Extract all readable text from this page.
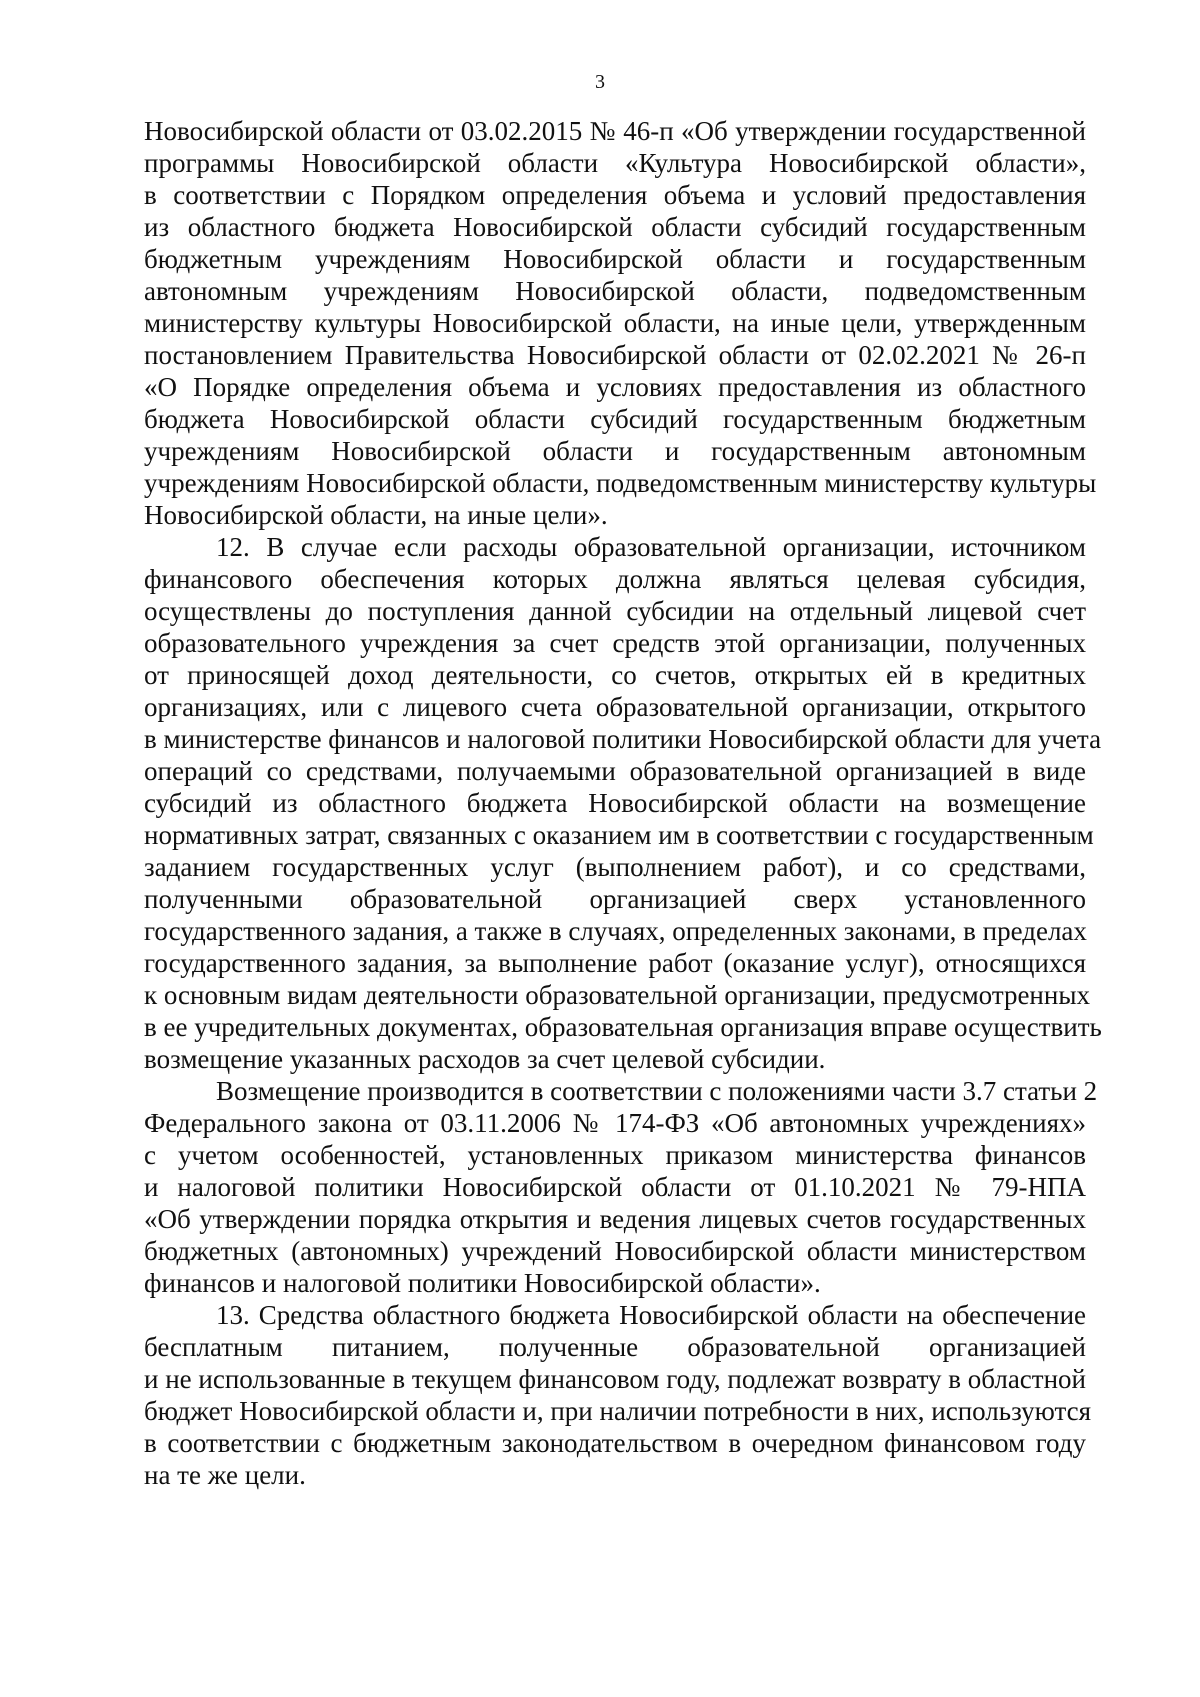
3
Новосибирской области от 03.02.2015 № 46-п «Об утверждении государственной
программы Новосибирской области «Культура Новосибирской области»,
в соответствии с Порядком определения объема и условий предоставления
из областного бюджета Новосибирской области субсидий государственным
бюджетным учреждениям Новосибирской области и государственным
автономным учреждениям Новосибирской области, подведомственным
министерству культуры Новосибирской области, на иные цели, утвержденным
постановлением Правительства Новосибирской области от 02.02.2021 № 26-п
«О Порядке определения объема и условиях предоставления из областного
бюджета Новосибирской области субсидий государственным бюджетным
учреждениям Новосибирской области и государственным автономным
учреждениям Новосибирской области, подведомственным министерству культуры
Новосибирской области, на иные цели».
12. В случае если расходы образовательной организации, источником
финансового обеспечения которых должна являться целевая субсидия,
осуществлены до поступления данной субсидии на отдельный лицевой счет
образовательного учреждения за счет средств этой организации, полученных
от приносящей доход деятельности, со счетов, открытых ей в кредитных
организациях, или с лицевого счета образовательной организации, открытого
в министерстве финансов и налоговой политики Новосибирской области для учета
операций со средствами, получаемыми образовательной организацией в виде
субсидий из областного бюджета Новосибирской области на возмещение
нормативных затрат, связанных с оказанием им в соответствии с государственным
заданием государственных услуг (выполнением работ), и со средствами,
полученными образовательной организацией сверх установленного
государственного задания, а также в случаях, определенных законами, в пределах
государственного задания, за выполнение работ (оказание услуг), относящихся
к основным видам деятельности образовательной организации, предусмотренных
в ее учредительных документах, образовательная организация вправе осуществить
возмещение указанных расходов за счет целевой субсидии.
Возмещение производится в соответствии с положениями части 3.7 статьи 2
Федерального закона от 03.11.2006 № 174-ФЗ «Об автономных учреждениях»
с учетом особенностей, установленных приказом министерства финансов
и налоговой политики Новосибирской области от 01.10.2021 № 79-НПА
«Об утверждении порядка открытия и ведения лицевых счетов государственных
бюджетных (автономных) учреждений Новосибирской области министерством
финансов и налоговой политики Новосибирской области».
13. Средства областного бюджета Новосибирской области на обеспечение
бесплатным питанием, полученные образовательной организацией
и не использованные в текущем финансовом году, подлежат возврату в областной
бюджет Новосибирской области и, при наличии потребности в них, используются
в соответствии с бюджетным законодательством в очередном финансовом году
на те же цели.
